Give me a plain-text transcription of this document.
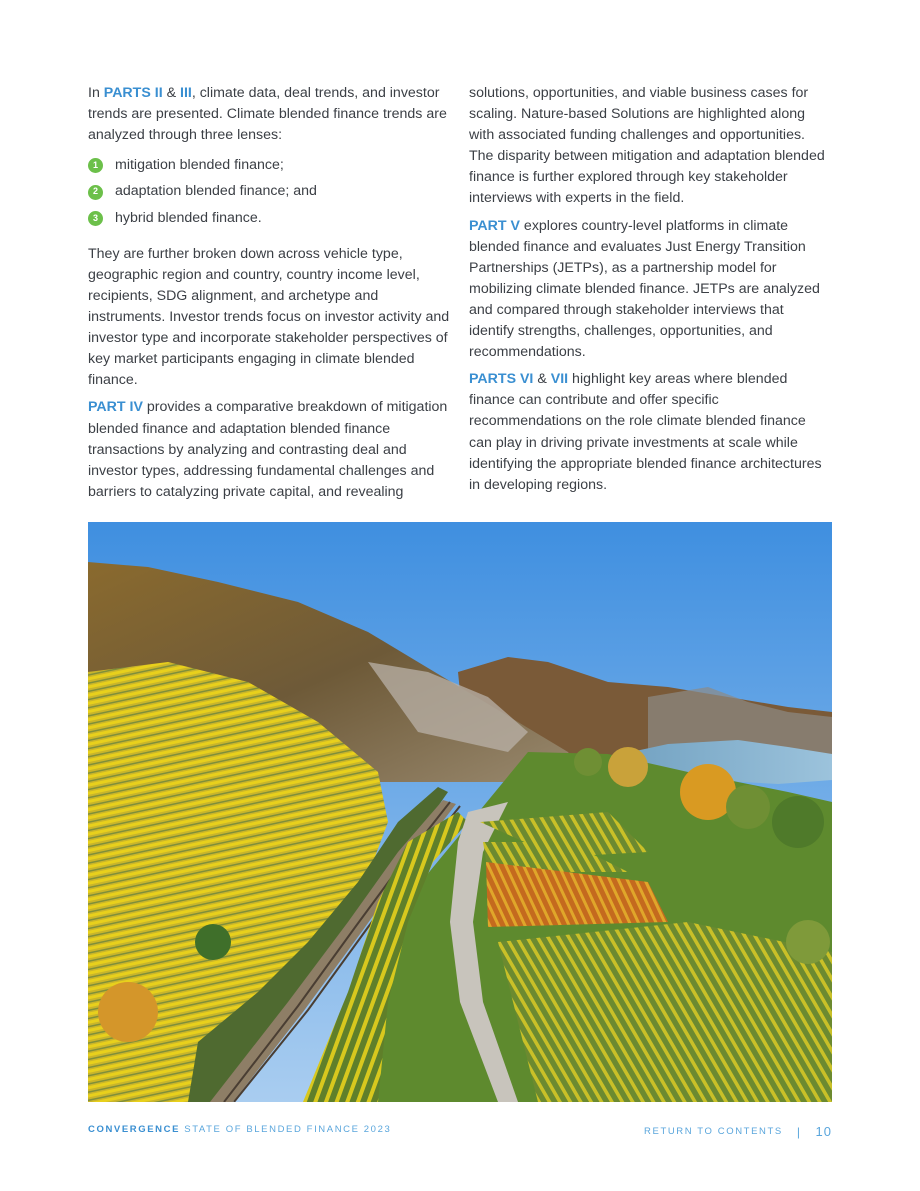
In PARTS II & III, climate data, deal trends, and investor trends are presented. Climate blended finance trends are analyzed through three lenses:

1	mitigation blended finance;
2	adaptation blended finance; and
3	hybrid blended finance.

They are further broken down across vehicle type, geographic region and country, country income level, recipients, SDG alignment, and archetype and instruments. Investor trends focus on investor activity and investor type and incorporate stakeholder perspectives of key market participants engaging in climate blended finance.

PART IV provides a comparative breakdown of mitigation blended finance and adaptation blended finance transactions by analyzing and contrasting deal and investor types, addressing fundamental challenges and barriers to catalyzing private capital, and revealing

solutions, opportunities, and viable business cases for scaling. Nature-based Solutions are highlighted along with associated funding challenges and opportunities. The disparity between mitigation and adaptation blended finance is further explored through key stakeholder interviews with experts in the field.

PART V explores country-level platforms in climate blended finance and evaluates Just Energy Transition Partnerships (JETPs), as a partnership model for mobilizing climate blended finance. JETPs are analyzed and compared through stakeholder interviews that identify strengths, challenges, opportunities, and recommendations.

PARTS VI & VII highlight key areas where blended finance can contribute and offer specific recommendations on the role climate blended finance can play in driving private investments at scale while identifying the appropriate blended finance architectures in developing regions.

CONVERGENCE STATE OF BLENDED FINANCE 2023	RETURN TO CONTENTS | 10
